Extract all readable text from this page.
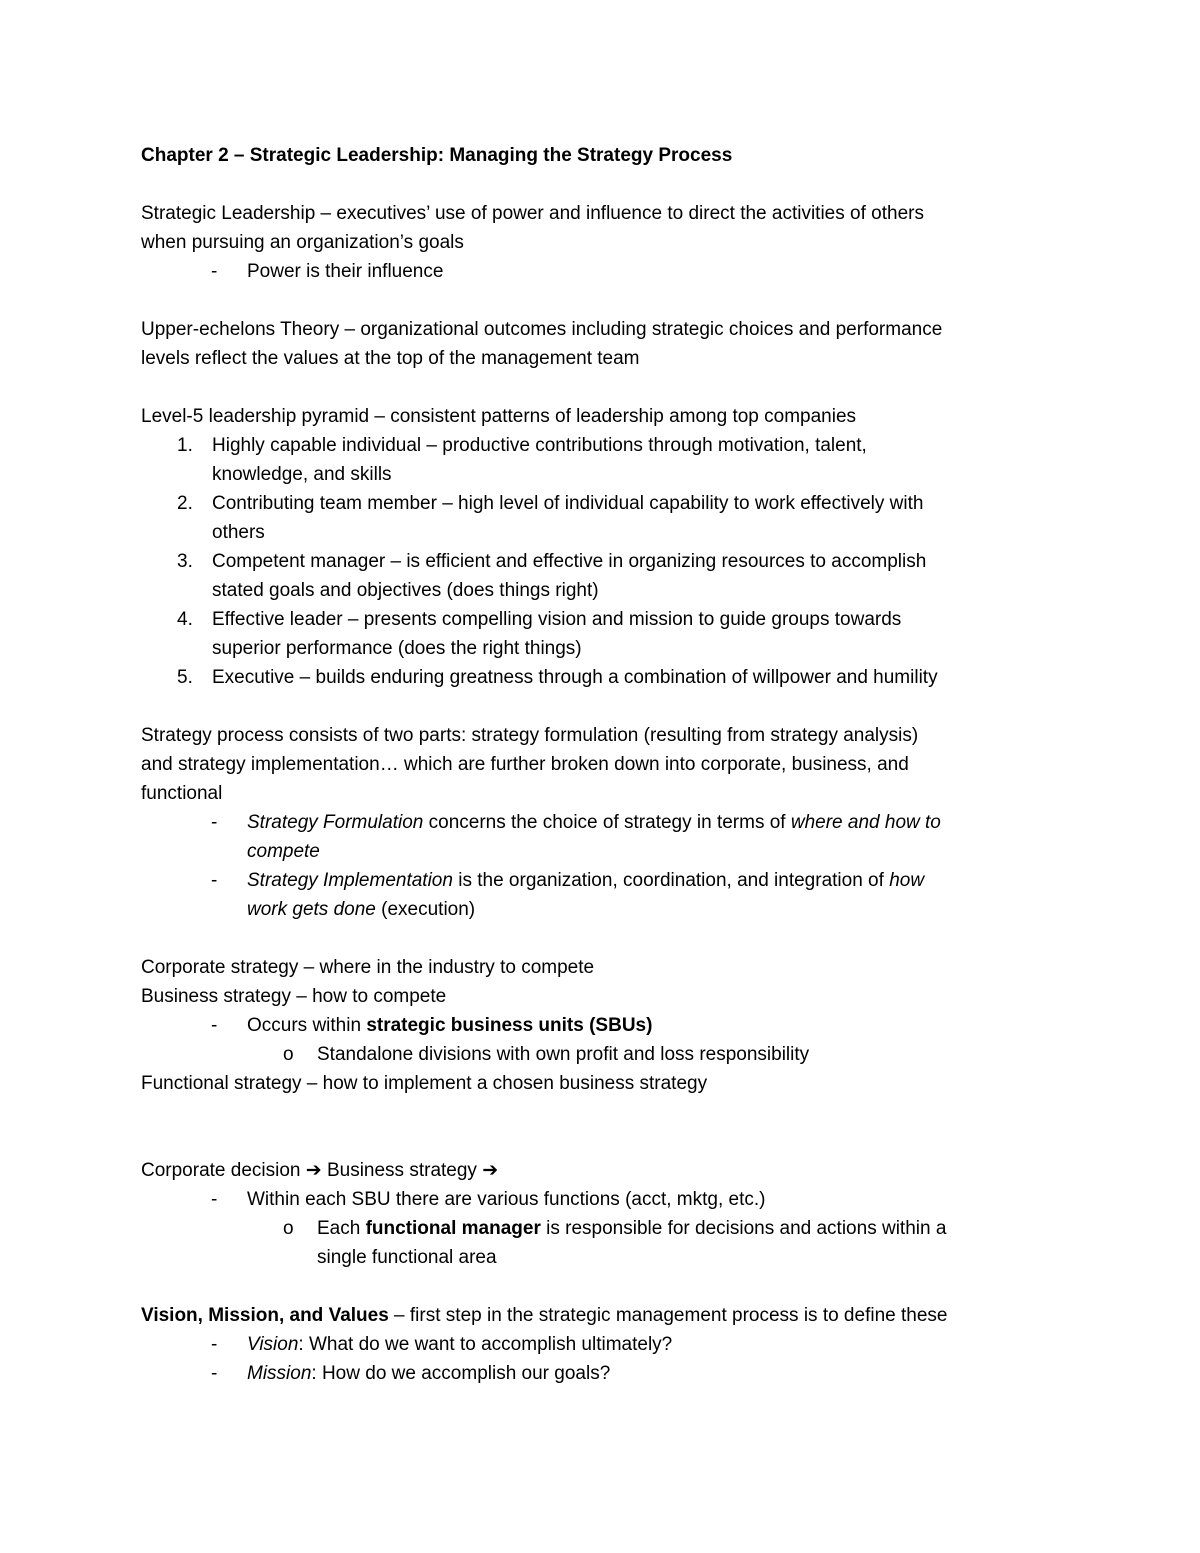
Chapter 2 – Strategic Leadership: Managing the Strategy Process
Strategic Leadership – executives’ use of power and influence to direct the activities of others
when pursuing an organization’s goals
- Power is their influence
Upper-echelons Theory – organizational outcomes including strategic choices and performance
levels reflect the values at the top of the management team
Level-5 leadership pyramid – consistent patterns of leadership among top companies
1. Highly capable individual – productive contributions through motivation, talent,
knowledge, and skills
2. Contributing team member – high level of individual capability to work effectively with
others
3. Competent manager – is efficient and effective in organizing resources to accomplish
stated goals and objectives (does things right)
4. Effective leader – presents compelling vision and mission to guide groups towards
superior performance (does the right things)
5. Executive – builds enduring greatness through a combination of willpower and humility
Strategy process consists of two parts: strategy formulation (resulting from strategy analysis)
and strategy implementation… which are further broken down into corporate, business, and
functional
- Strategy Formulation concerns the choice of strategy in terms of where and how to
compete
- Strategy Implementation is the organization, coordination, and integration of how
work gets done (execution)
Corporate strategy – where in the industry to compete
Business strategy – how to compete
- Occurs within strategic business units (SBUs)
o Standalone divisions with own profit and loss responsibility
Functional strategy – how to implement a chosen business strategy
Corporate decision ➔ Business strategy ➔
- Within each SBU there are various functions (acct, mktg, etc.)
o Each functional manager is responsible for decisions and actions within a
single functional area
Vision, Mission, and Values – first step in the strategic management process is to define these
- Vision: What do we want to accomplish ultimately?
- Mission: How do we accomplish our goals?
